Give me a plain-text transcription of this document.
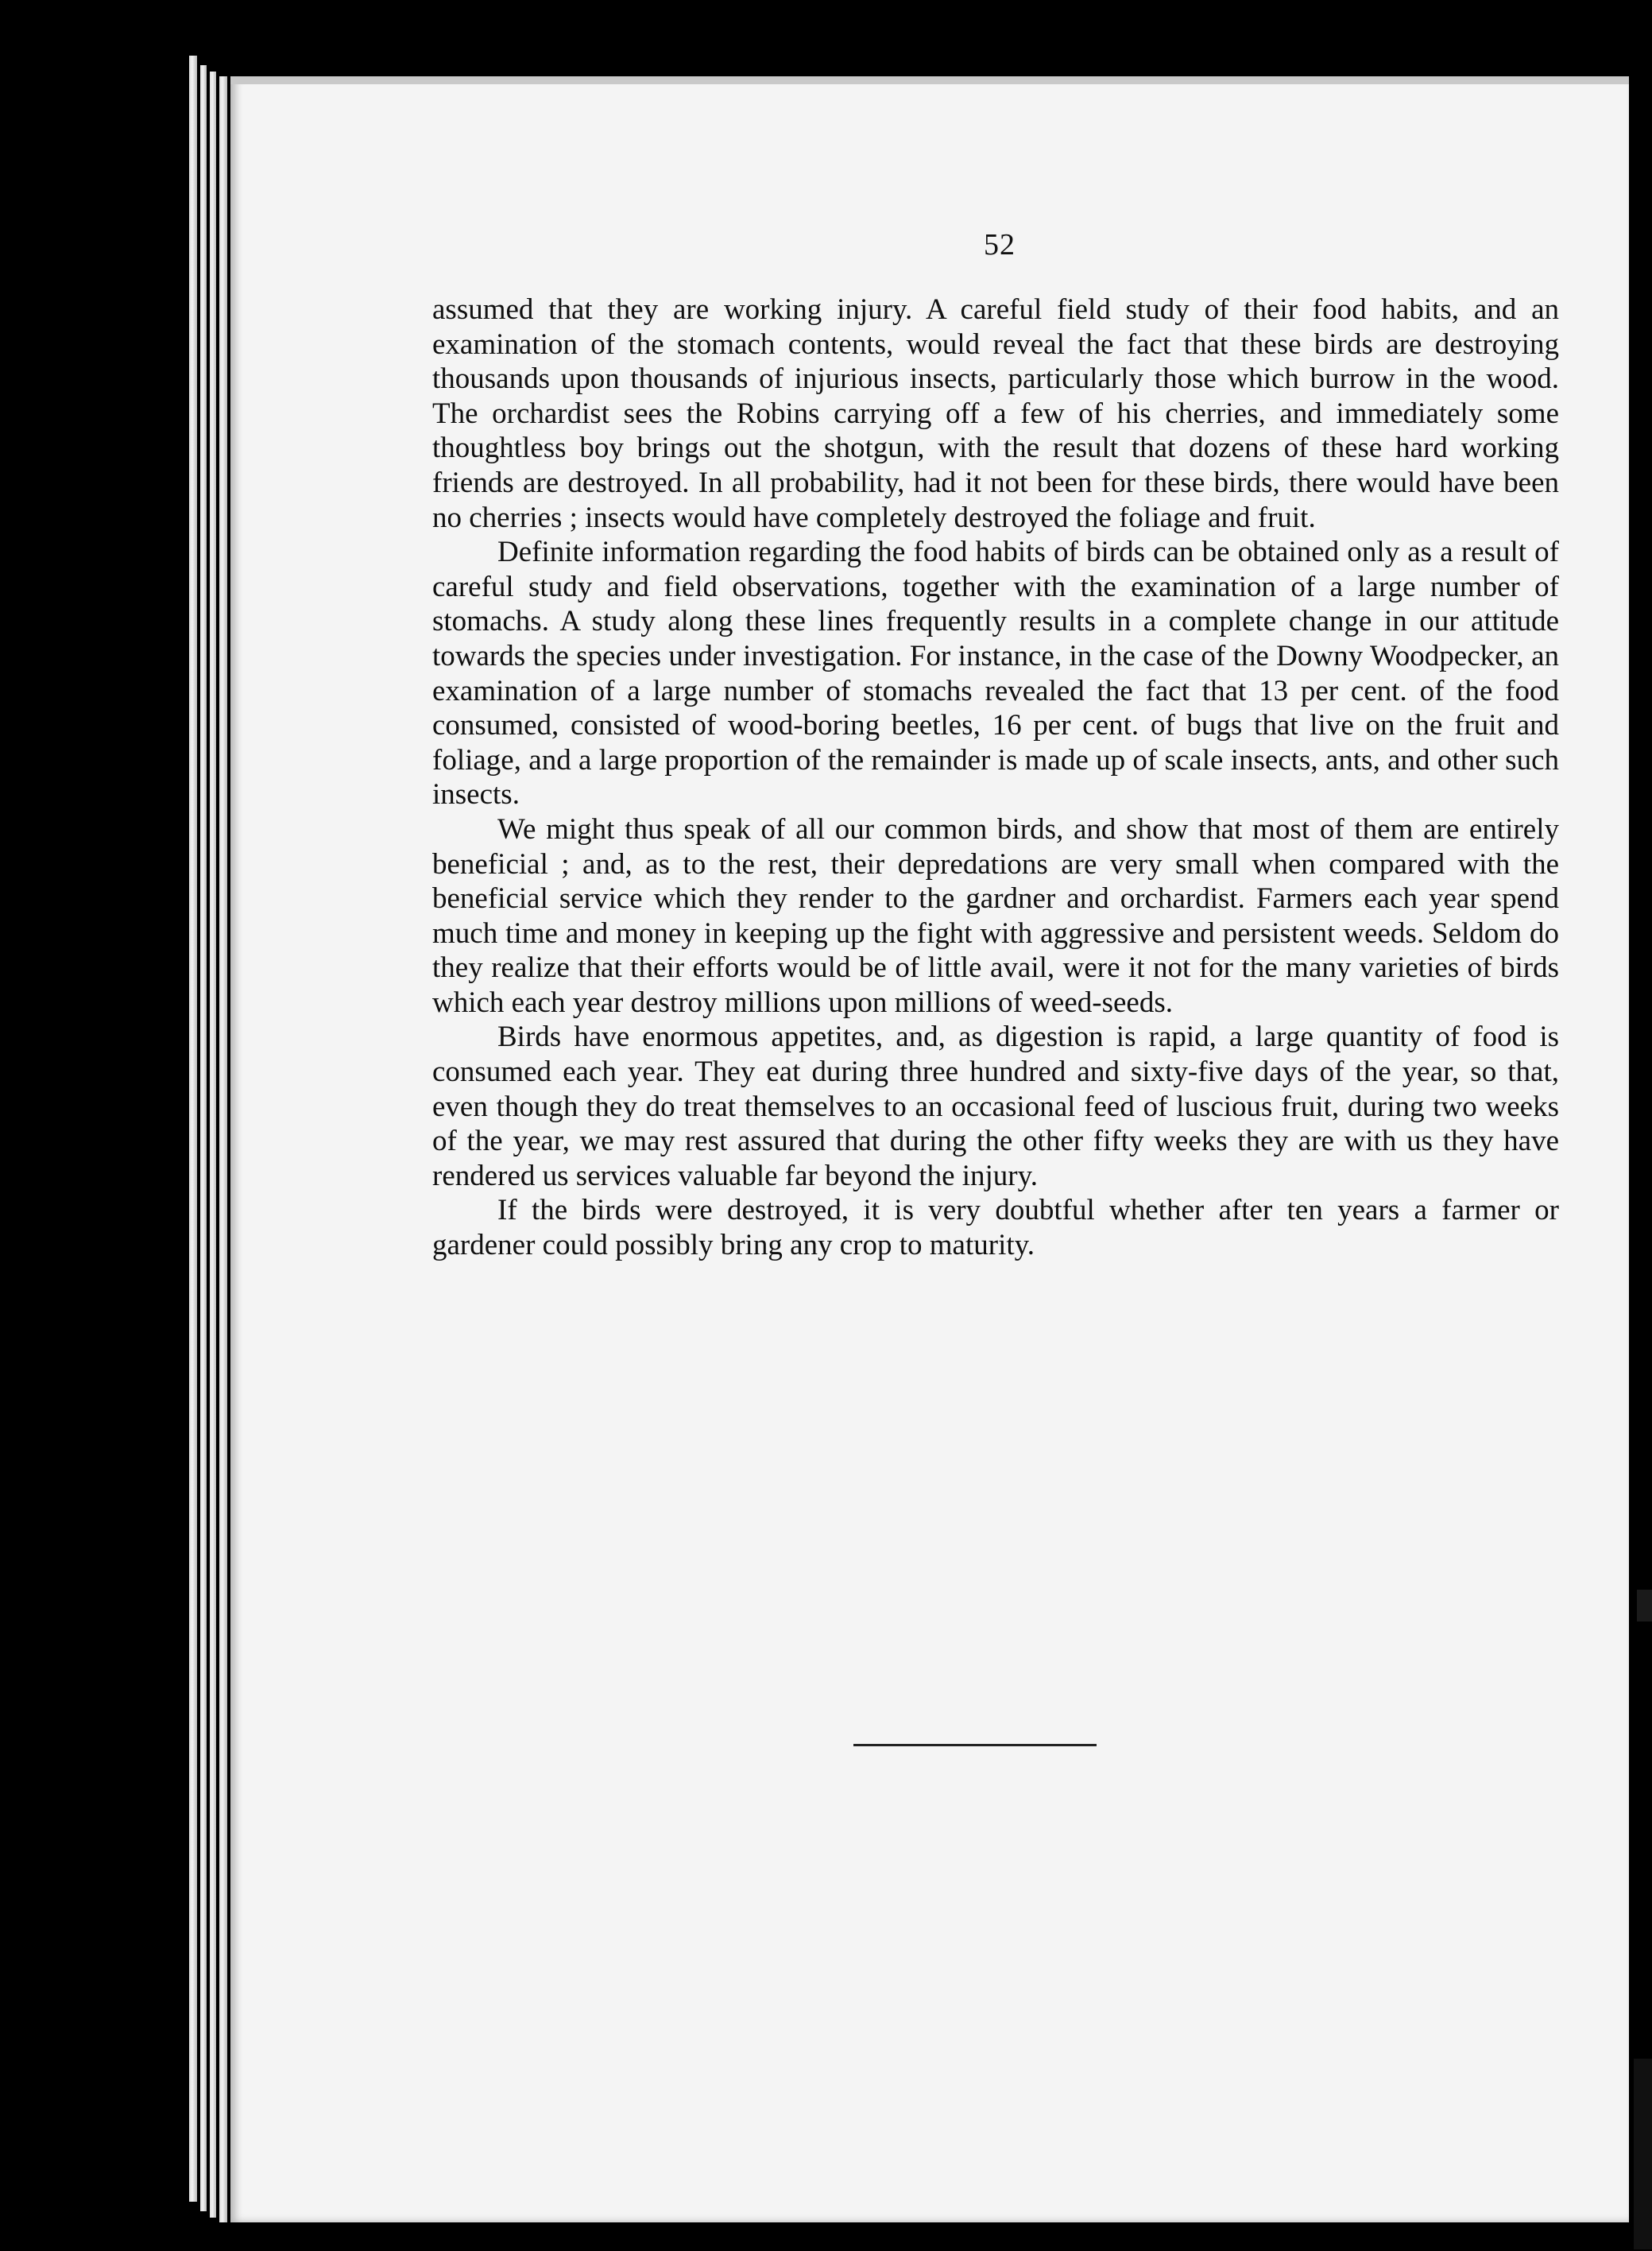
52

assumed that they are working injury. A careful field study of their food habits, and an examination of the stomach contents, would reveal the fact that these birds are destroying thousands upon thousands of injurious insects, particularly those which burrow in the wood. The orchardist sees the Robins carrying off a few of his cherries, and immediately some thoughtless boy brings out the shotgun, with the result that dozens of these hard working friends are destroyed. In all probability, had it not been for these birds, there would have been no cherries ; insects would have completely destroyed the foliage and fruit.

Definite information regarding the food habits of birds can be obtained only as a result of careful study and field observations, together with the examination of a large number of stomachs. A study along these lines frequently results in a complete change in our attitude towards the species under investigation. For instance, in the case of the Downy Woodpecker, an examination of a large number of stomachs revealed the fact that 13 per cent. of the food consumed, consisted of wood-boring beetles, 16 per cent. of bugs that live on the fruit and foliage, and a large proportion of the remainder is made up of scale insects, ants, and other such insects.

We might thus speak of all our common birds, and show that most of them are entirely beneficial ; and, as to the rest, their depredations are very small when compared with the beneficial service which they render to the gardner and orchardist. Farmers each year spend much time and money in keeping up the fight with aggressive and persistent weeds. Seldom do they realize that their efforts would be of little avail, were it not for the many varieties of birds which each year destroy millions upon millions of weed-seeds.

Birds have enormous appetites, and, as digestion is rapid, a large quantity of food is consumed each year. They eat during three hundred and sixty-five days of the year, so that, even though they do treat themselves to an occasional feed of luscious fruit, during two weeks of the year, we may rest assured that during the other fifty weeks they are with us they have rendered us services valuable far beyond the injury.

If the birds were destroyed, it is very doubtful whether after ten years a farmer or gardener could possibly bring any crop to maturity.
